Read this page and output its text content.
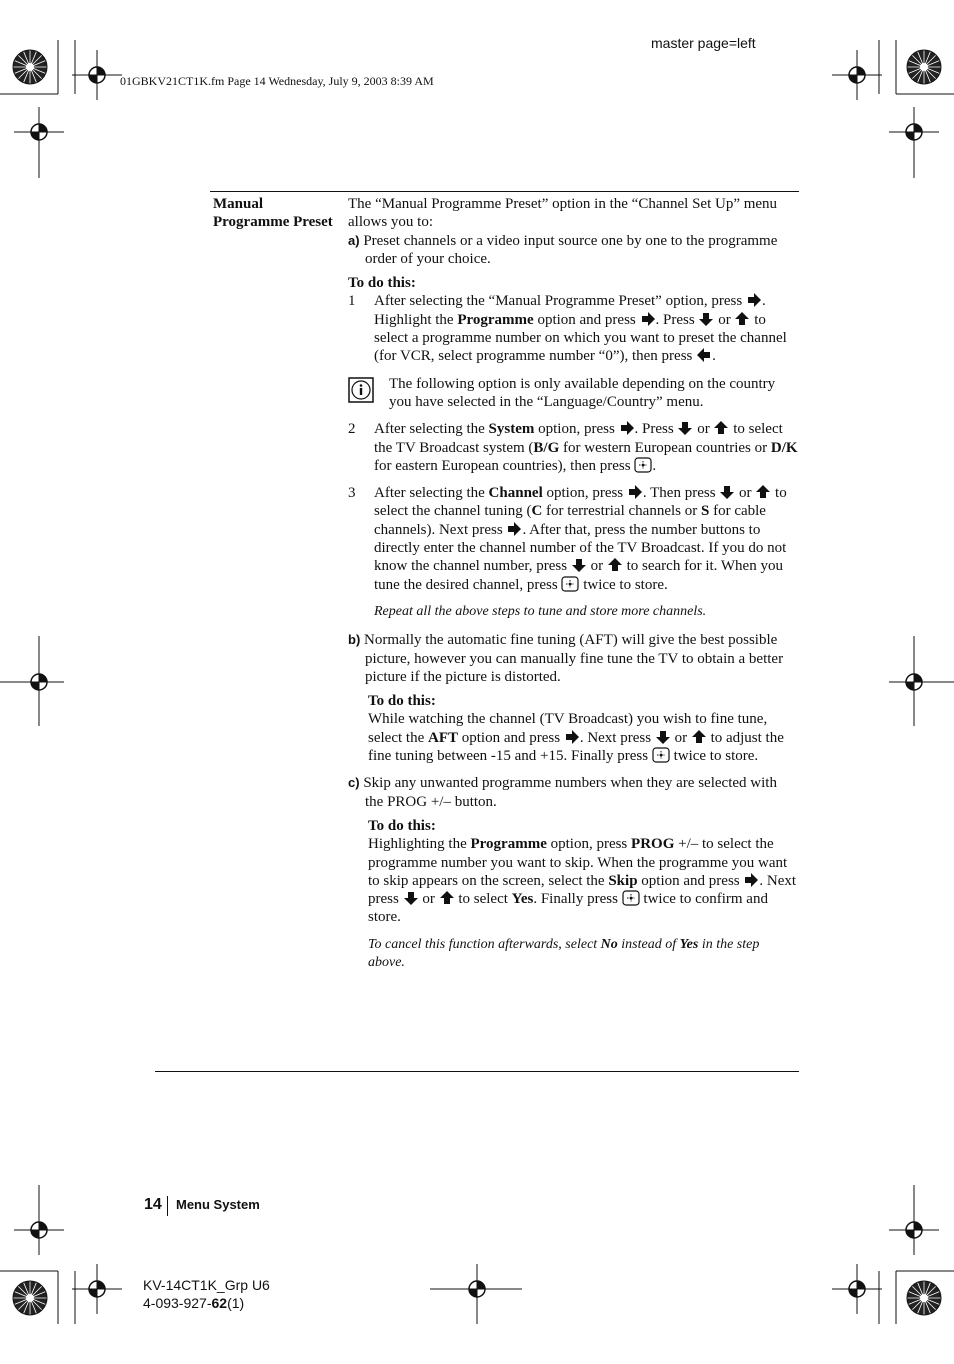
master page=left
01GBKV21CT1K.fm Page 14 Wednesday, July 9, 2003 8:39 AM
Manual Programme Preset

The “Manual Programme Preset” option in the “Channel Set Up” menu allows you to:

a) Preset channels or a video input source one by one to the programme order of your choice.

To do this:

1 After selecting the “Manual Programme Preset” option, press . Highlight the Programme option and press . Press or to select a programme number on which you want to preset the channel (for VCR, select programme number “0”), then press .

The following option is only available depending on the country you have selected in the “Language/Country” menu.

2 After selecting the System option, press . Press or to select the TV Broadcast system (B/G for western European countries or D/K for eastern European countries), then press .

3 After selecting the Channel option, press . Then press or to select the channel tuning (C for terrestrial channels or S for cable channels). Next press . After that, press the number buttons to directly enter the channel number of the TV Broadcast. If you do not know the channel number, press or to search for it. When you tune the desired channel, press twice to store.

Repeat all the above steps to tune and store more channels.

b) Normally the automatic fine tuning (AFT) will give the best possible picture, however you can manually fine tune the TV to obtain a better picture if the picture is distorted.

To do this:

While watching the channel (TV Broadcast) you wish to fine tune, select the AFT option and press . Next press or to adjust the fine tuning between -15 and +15. Finally press twice to store.

c) Skip any unwanted programme numbers when they are selected with the PROG +/– button.

To do this:

Highlighting the Programme option, press PROG +/– to select the programme number you want to skip. When the programme you want to skip appears on the screen, select the Skip option and press . Next press or to select Yes. Finally press twice to confirm and store.

To cancel this function afterwards, select No instead of Yes in the step above.

14 Menu System
KV-14CT1K_Grp U6
4-093-927-62(1)
